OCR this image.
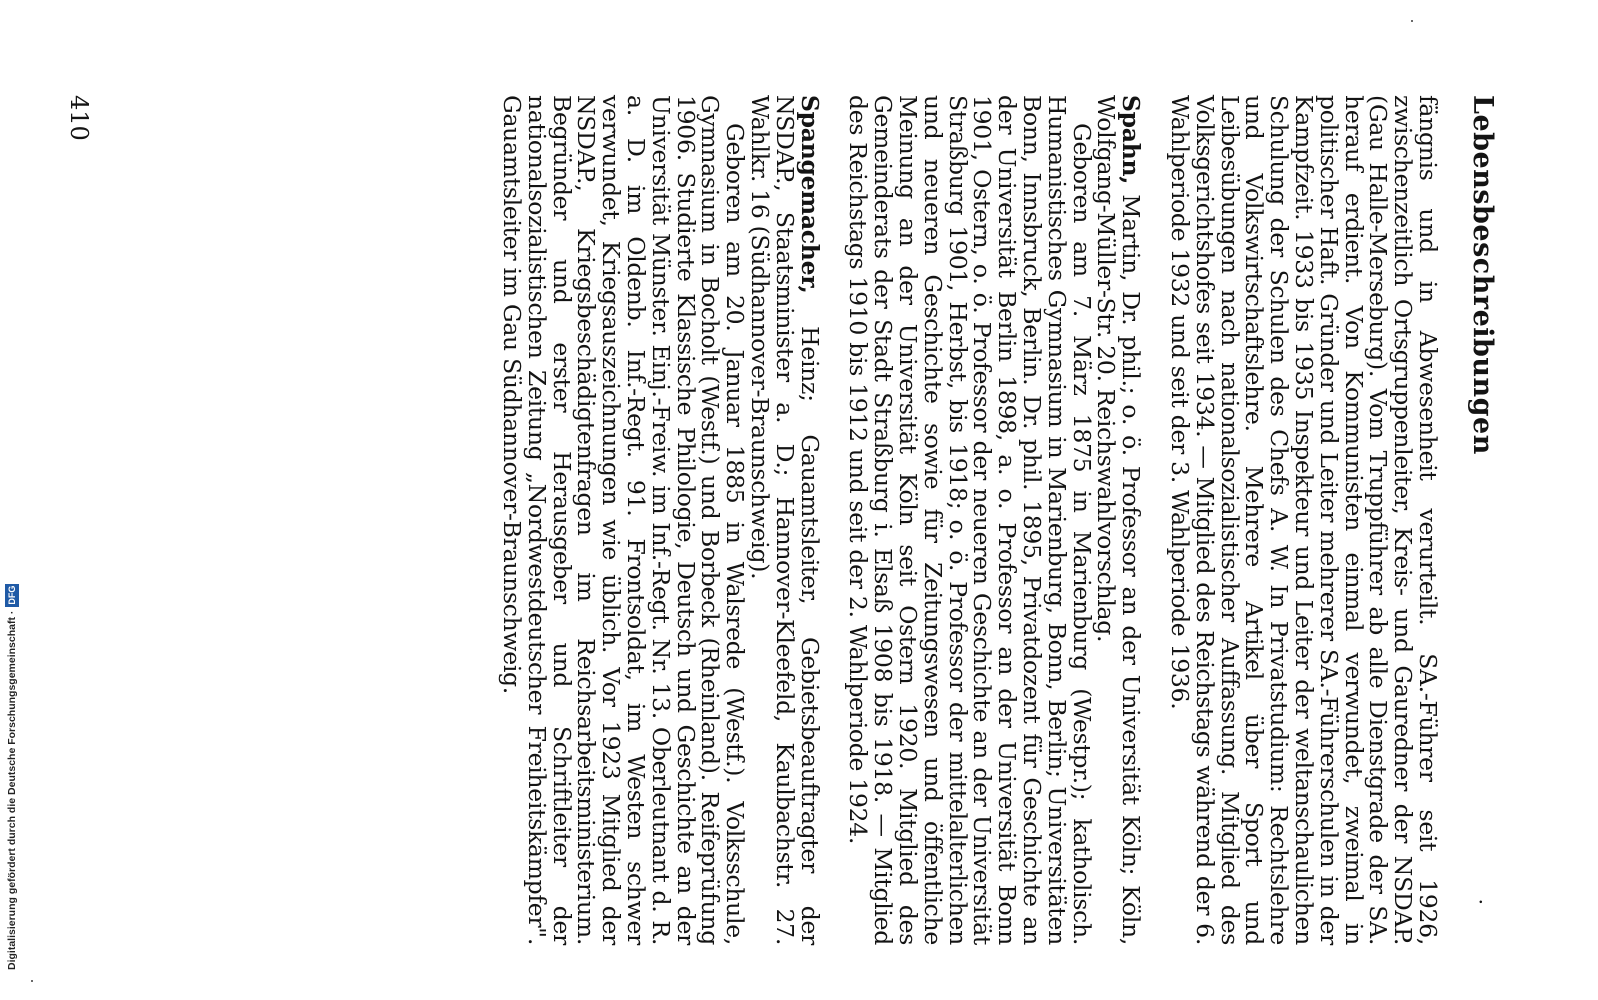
Lebensbeschreibungen
·

fängnis und in Abwesenheit verurteilt. SA.-Führer seit 1926, zwischenzeitlich Ortsgruppenleiter, Kreis- und Gauredner der NSDAP. (Gau Halle-Merseburg). Vom Truppführer ab alle Dienstgrade der SA. herauf erdient. Von Kommunisten einmal verwundet, zweimal in politischer Haft. Gründer und Leiter mehrerer SA.-Führerschulen in der Kampfzeit. 1933 bis 1935 Inspekteur und Leiter der weltanschaulichen Schulung der Schulen des Chefs A. W. In Privatstudium: Rechtslehre und Volkswirtschaftslehre. Mehrere Artikel über Sport und Leibesübungen nach nationalsozialistischer Auffassung. Mitglied des Volksgerichtshofes seit 1934. — Mitglied des Reichstags während der 6. Wahlperiode 1932 und seit der 3. Wahlperiode 1936.

Spahn, Martin, Dr. phil.; o. ö. Professor an der Universität Köln; Köln, Wolfgang-Müller-Str. 20. Reichswahlvorschlag.

Geboren am 7. März 1875 in Marienburg (Westpr.); katholisch. Humanistisches Gymnasium in Marienburg, Bonn, Berlin; Universitäten Bonn, Innsbruck, Berlin. Dr. phil. 1895, Privatdozent für Geschichte an der Universität Berlin 1898, a. o. Professor an der Universität Bonn 1901, Ostern, o. ö. Professor der neueren Geschichte an der Universität Straßburg 1901, Herbst, bis 1918; o. ö. Professor der mittelalterlichen und neueren Geschichte sowie für Zeitungswesen und öffentliche Meinung an der Universität Köln seit Ostern 1920. Mitglied des Gemeinderats der Stadt Straßburg i. Elsaß 1908 bis 1918. — Mitglied des Reichstags 1910 bis 1912 und seit der 2. Wahlperiode 1924.

Spangemacher, Heinz; Gauamtsleiter, Gebietsbeauftragter der NSDAP., Staatsminister a. D.; Hannover-Kleefeld, Kaulbachstr. 27. Wahlkr. 16 (Südhannover-Braunschweig).

Geboren am 20. Januar 1885 in Walsrede (Westf.). Volksschule, Gymnasium in Bocholt (Westf.) und Borbeck (Rheinland). Reifeprüfung 1906. Studierte Klassische Philologie, Deutsch und Geschichte an der Universität Münster. Einj.-Freiw. im Inf.-Regt. Nr. 13. Oberleutnant d. R. a. D. im Oldenb. Inf.-Regt. 91. Frontsoldat, im Westen schwer verwundet, Kriegsauszeichnungen wie üblich. Vor 1923 Mitglied der NSDAP., Kriegsbeschädigtenfragen im Reichsarbeitsministerium. Begründer und erster Herausgeber und Schriftleiter der nationalsozialistischen Zeitung „Nordwestdeutscher Freiheitskämpfer". Gauamtsleiter im Gau Südhannover-Braunschweig.

410
Digitalisierung gefördert durch die Deutsche Forschungsgemeinschaft ·
DFG
